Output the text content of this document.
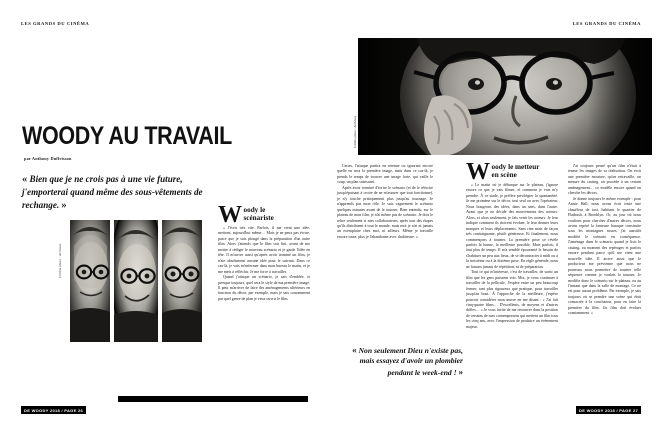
LES GRANDS DU CINÉMA
WOODY AU TRAVAIL
par Anthony Duffrisson
« Bien que je ne crois pas à une vie future, j'emporterai quand même des sous-vêtements de rechange. »
Crédits photo : Archives
W oody le
scénariste

« J'écris très vite. Parfois, il me vient une idée, mettons, aujourd'hui même… Mais je ne peux pas écrire, parce que je suis plongé dans la préparation d'un autre film. Alors j'attends que le film soit fini, avant de me mettre à rédiger le nouveau scénario et je garde l'idée en tête. Il m'arrive aussi qu'après avoir terminé un film, je n'aie absolument aucune idée pour le suivant. Dans ce cas-là, je vais m'enfermer dans mon bureau le matin, et je me mets à réfléchir. Je me force à travailler.

Quand j'attaque un scénario, je sais d'emblée, et presque toujours, quel sera le style de ma première image. Il peut m'arriver de faire des aménagements ultérieurs en fonction du décor, par exemple, mais je sais couramment par quel genre de plan je veux ouvrir le film.

DE WOODY 2018 / PAGE 26
LES GRANDS DU CINÉMA
Crédits photo : Archives

Certes, l'attaque partira en retenue ou ignorant encore quelle en sera la première image, mais dans ce cas-là, je prends le temps de trouver une image forte, qui vaille le coup, un plan saisissant.

Après avoir terminé d'écrire le scénario (et de le réécrire jusqu'épuisant à croire de ne m'assurer que tout fonctionne), je n'y touche pratiquement plus jusqu'au tournage. Je n'apprends pas mon rôle. Je suis vaguement le scénario quelques minutes avant de le tourner. Bien entendu, sur le plateau de mon film, je n'ai même pas de scénario. Je dois le relire seulement si mes collaborateurs, après tout des étapes qu'ils distribuent à tout le monde, mais moi je n'ai ni jamais un exemplaire chez moi, ni ailleurs. Même je travaille encore toute, plus je l'abandonne avec rhabiteuse. »

W oody le metteur
en scène

« Le matin où je débarque sur le plateau, j'ignore encore ce que je vais filmer, et comment je vais m'y prendre. À ce stade, je préfère privilégier la spontanéité. Je me promène sur le décor, tout seul ou avec l'opérateur. Nous bougeons des idées, dans un sens, dans l'autre. Avant que je ne décide des mouvements des acteurs. Alors, et alors seulement, je fais venir les acteurs. Je leur indique comment ils doivent évoluer, le leur donner leurs marques et leurs déplacements. Sans rien mais de façon très contraignante, plutôt généreuse. Et finalement, nous commençons à tourner. La première prise se révèle parfois la bonne, la meilleure possible. Mais parfois, il faut plus de temps. Il m'a semblé épouvanté le besoin de s'habituer un peu aux lieux, de se décontracter à midi ou à la troisième ou à la dixième prise. En règle générale, nous ne faisons jamais de répétition, ni de préparation.

Tout ce qui m'intéresse, c'est de travailler, de sortir un film que les gens puissent voir. Moi, je veux continuer à travailler de la pellicule. J'espère entre un peu beaucoup fermer, tant plus rigoureux que pratique, pour travailler jusqu'au bout. À l'approche de la meilleure, j'espère pouvoir considérer mon œuvre en me disant : « J'ai fait cinq-quatre films… D'excellents, de moyens et d'autres drôles… » Je vous invite de me retrouver dans la position de certains de mes contemporains qui mettent un film tous les cinq ans, avec l'impression de produire un événement majeur.

J'ai toujours pensé qu'un film n'était à teneur les images de sa réalisation. On écrit une première mouture, qu'on retravaille, on mesure du casting, on procède à un certain aménagement… ce modèle encore quand on cherche les décors.

Je donne toujours le même exemple : pour Annie Hall, nous avons écrit toute une chauffeur de taxi, habitant le quartier de Flatbush, à Brooklyn. Or, au jour où nous voulions pour chercher d'autres décors, nous avons repéré la fameuse baraque construite sous les montagnes russes, j'ai aussitôt modifié le scénario en conséquence. J'aménage dans le scénario quand je lisis le casting, ou moment des repérages et parfois encore pendant parce qu'il me vient une nouvelle idée. Il arrive aussi que le producteur me prévienne que nous ne pourrons nous permettre de tourner telle séquence comme je voulais la tourner. Je modifie donc le scénario sur le plateau, ou au l'instant que dans la salle de montage. Ce ne est pour aucun problème. Par exemple, je sais toujours où se prendre une scène qui était consacrée à la conclusion, pour en faire la première du film. Un film doit évoluer constamment. »

« Non seulement Dieu n'existe pas, mais essayez d'avoir un plombier pendant le week-end ! »
DE WOODY 2018 / PAGE 27
